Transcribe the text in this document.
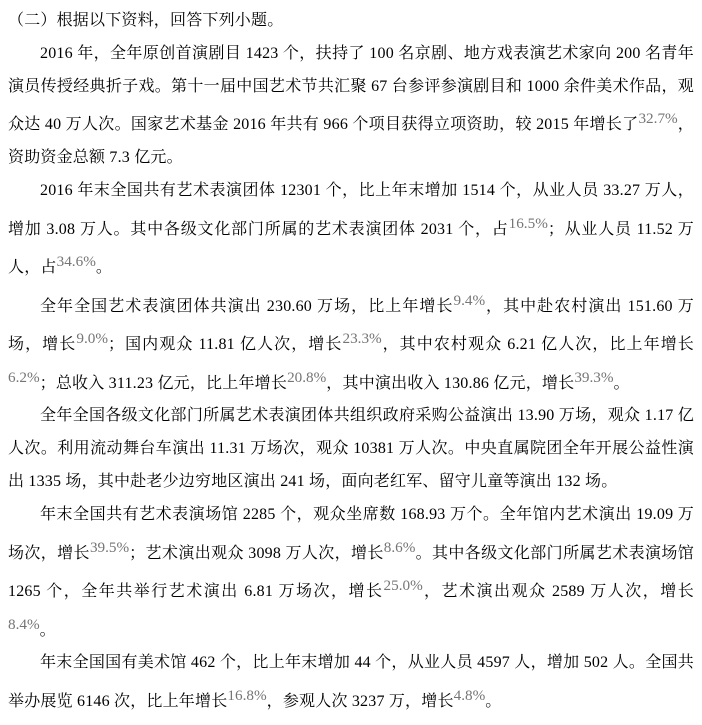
（二）根据以下资料，回答下列小题。

2016 年，全年原创首演剧目 1423 个，扶持了 100 名京剧、地方戏表演艺术家向 200 名青年演员传授经典折子戏。第十一届中国艺术节共汇聚 67 台参评参演剧目和 1000 余件美术作品，观众达 40 万人次。国家艺术基金 2016 年共有 966 个项目获得立项资助，较 2015 年增长了32.7%，资助资金总额 7.3 亿元。

2016 年末全国共有艺术表演团体 12301 个，比上年末增加 1514 个，从业人员 33.27 万人，增加 3.08 万人。其中各级文化部门所属的艺术表演团体 2031 个，占16.5%；从业人员 11.52 万人，占34.6%。

全年全国艺术表演团体共演出 230.60 万场，比上年增长9.4%，其中赴农村演出 151.60 万场，增长9.0%；国内观众 11.81 亿人次，增长23.3%，其中农村观众 6.21 亿人次，比上年增长6.2%；总收入 311.23 亿元，比上年增长20.8%，其中演出收入 130.86 亿元，增长39.3%。

全年全国各级文化部门所属艺术表演团体共组织政府采购公益演出 13.90 万场，观众 1.17 亿人次。利用流动舞台车演出 11.31 万场次，观众 10381 万人次。中央直属院团全年开展公益性演出 1335 场，其中赴老少边穷地区演出 241 场，面向老红军、留守儿童等演出 132 场。

年末全国共有艺术表演场馆 2285 个，观众坐席数 168.93 万个。全年馆内艺术演出 19.09 万场次，增长39.5%；艺术演出观众 3098 万人次，增长8.6%。其中各级文化部门所属艺术表演场馆 1265 个，全年共举行艺术演出 6.81 万场次，增长25.0%，艺术演出观众 2589 万人次，增长8.4%。

年末全国国有美术馆 462 个，比上年末增加 44 个，从业人员 4597 人，增加 502 人。全国共举办展览 6146 次，比上年增长16.8%，参观人次 3237 万，增长4.8%。
